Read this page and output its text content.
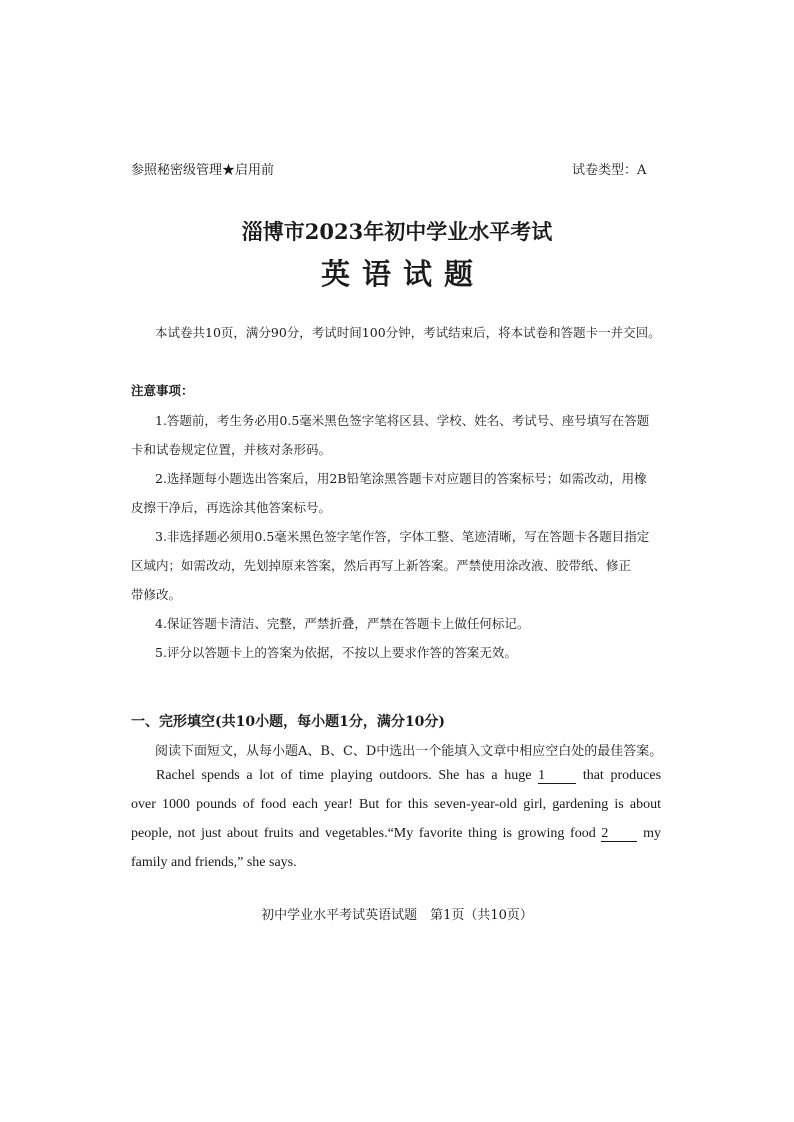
参照秘密级管理★启用前	试卷类型：A
淄博市2023年初中学业水平考试
英语试题
本试卷共10页，满分90分，考试时间100分钟，考试结束后，将本试卷和答题卡一并交回。
注意事项：
1.答题前，考生务必用0.5毫米黑色签字笔将区县、学校、姓名、考试号、座号填写在答题
卡和试卷规定位置，并核对条形码。
2.选择题每小题选出答案后，用2B铅笔涂黑答题卡对应题目的答案标号；如需改动，用橡
皮擦干净后，再选涂其他答案标号。
3.非选择题必须用0.5毫米黑色签字笔作答，字体工整、笔迹清晰，写在答题卡各题目指定
区域内；如需改动，先划掉原来答案，然后再写上新答案。严禁使用涂改液、胶带纸、修正
带修改。
4.保证答题卡清洁、完整，严禁折叠，严禁在答题卡上做任何标记。
5.评分以答题卡上的答案为依据，不按以上要求作答的答案无效。
一、完形填空(共10小题，每小题1分，满分10分)
阅读下面短文，从每小题A、B、C、D中选出一个能填入文章中相应空白处的最佳答案。
Rachel spends a lot of time playing outdoors. She has a huge 1	that produces
over 1000 pounds of food each year! But for this seven-year-old girl, gardening is about
people, not just about fruits and vegetables.“My favorite thing is growing food 2 my
family and friends,” she says.
初中学业水平考试英语试题　第1页（共10页）
